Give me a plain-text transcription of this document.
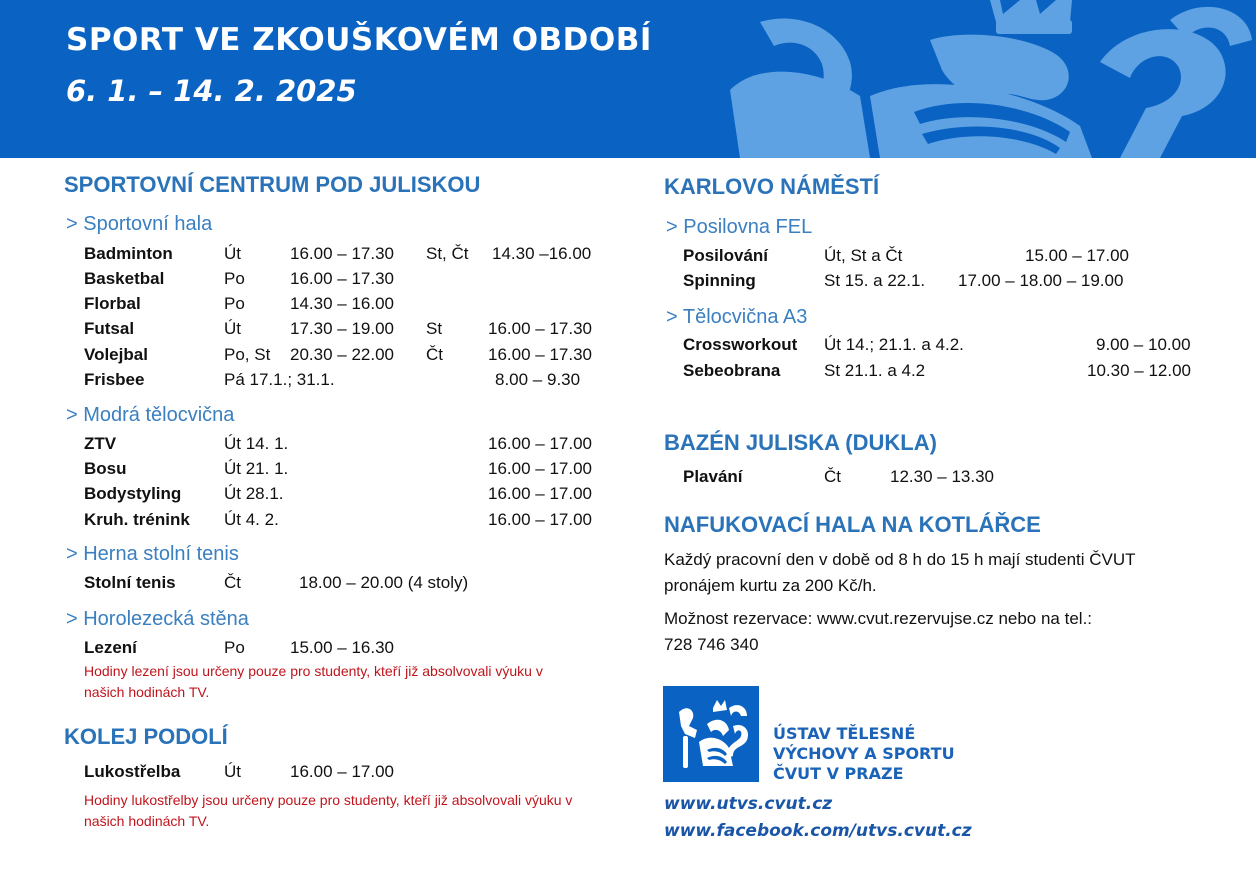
SPORT VE ZKOUŠKOVÉM OBDOBÍ
6. 1. – 14. 2. 2025
SPORTOVNÍ CENTRUM POD JULISKOU
> Sportovní hala
Badminton	Út	16.00 – 17.30 St, Čt 14.30 –16.00
Basketbal	Po	16.00 – 17.30
Florbal	Po	14.30 – 16.00
Futsal	Út	17.30 – 19.00 St	16.00 – 17.30
Volejbal	Po, St 20.30 – 22.00 Čt	16.00 – 17.30
Frisbee	Pá 17.1.; 31.1.	8.00 – 9.30
> Modrá tělocvična
ZTV	Út 14. 1.	16.00 – 17.00
Bosu	Út 21. 1.	16.00 – 17.00
Bodystyling	Út 28.1.	16.00 – 17.00
Kruh. trénink Út 4. 2.	16.00 – 17.00
> Herna stolní tenis
Stolní tenis	Čt	18.00 – 20.00 (4 stoly)
> Horolezecká stěna
Lezení	Po	15.00 – 16.30
Hodiny lezení jsou určeny pouze pro studenty, kteří již absolvovali výuku v našich hodinách TV.
KOLEJ PODOLÍ
Lukostřelba	Út	16.00 – 17.00
Hodiny lukostřelby jsou určeny pouze pro studenty, kteří již absolvovali výuku v našich hodinách TV.
KARLOVO NÁMĚSTÍ
> Posilovna FEL
Posilování	Út, St a Čt	15.00 – 17.00
Spinning	St 15. a 22.1. 17.00 – 18.00 – 19.00
> Tělocvična A3
Crossworkout Út 14.; 21.1. a 4.2.	9.00 – 10.00
Sebeobrana	St 21.1. a 4.2	10.30 – 12.00
BAZÉN JULISKA (DUKLA)
Plavání	Čt	12.30 – 13.30
NAFUKOVACÍ HALA NA KOTLÁŘCE
Každý pracovní den v době od 8 h do 15 h mají studenti ČVUT pronájem kurtu za 200 Kč/h.
Možnost rezervace: www.cvut.rezervujse.cz nebo na tel.: 728 746 340
ÚSTAV TĚLESNÉ
VÝCHOVY A SPORTU
ČVUT V PRAZE
www.utvs.cvut.cz
www.facebook.com/utvs.cvut.cz
